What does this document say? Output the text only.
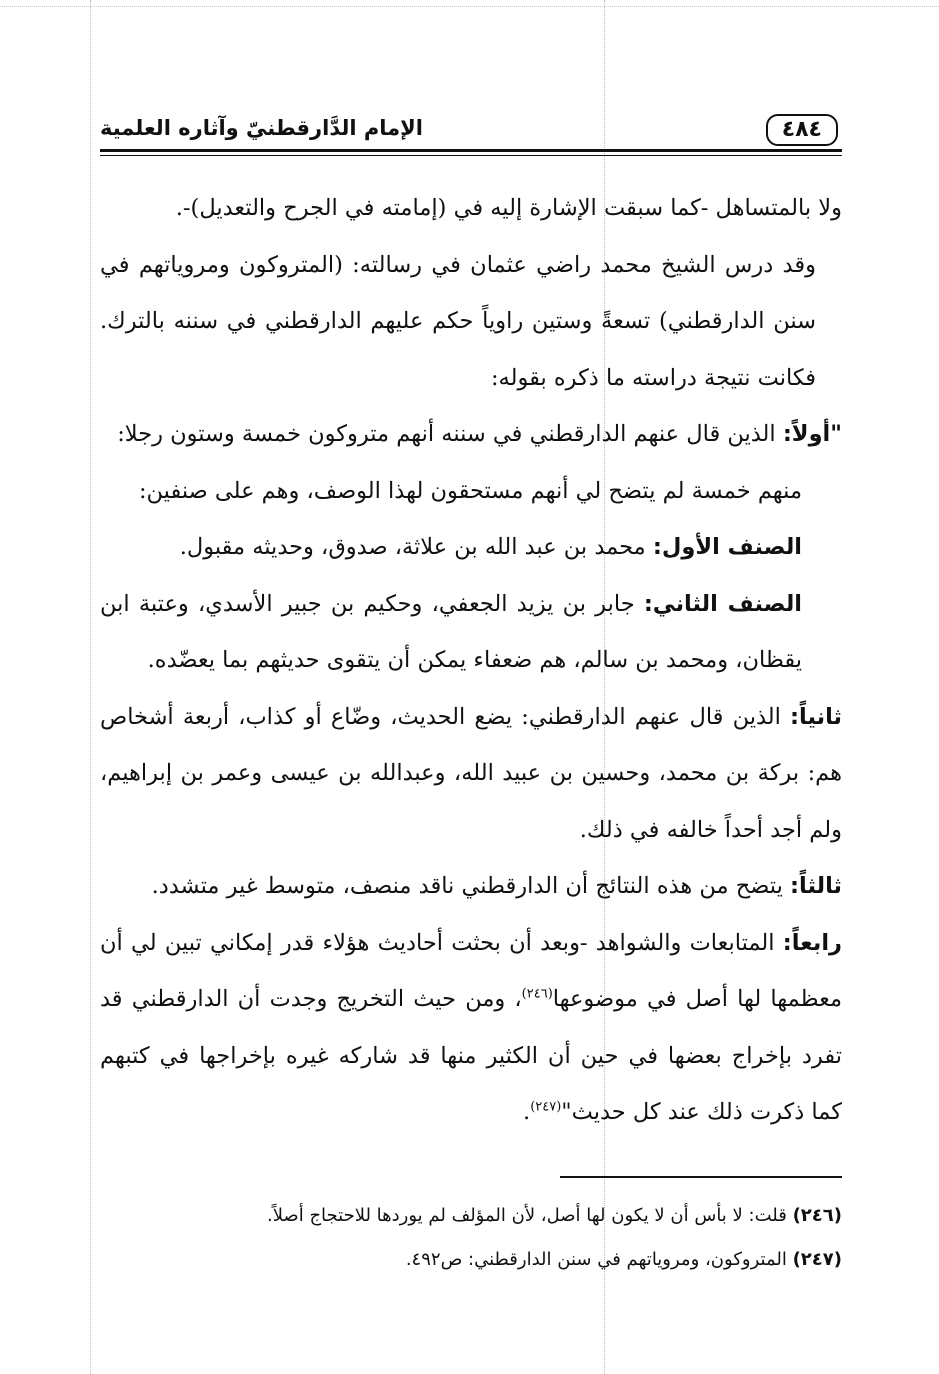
٤٨٤
الإمام الدَّارقطنيّ وآثاره العلمية

ولا بالمتساهل -كما سبقت الإشارة إليه في (إمامته في الجرح والتعديل)-.

وقد درس الشيخ محمد راضي عثمان في رسالته: (المتروكون ومروياتهم في سنن الدارقطني) تسعةً وستين راوياً حكم عليهم الدارقطني في سننه بالترك. فكانت نتيجة دراسته ما ذكره بقوله:

"أولاً: الذين قال عنهم الدارقطني في سننه أنهم متروكون خمسة وستون رجلا:

منهم خمسة لم يتضح لي أنهم مستحقون لهذا الوصف، وهم على صنفين:

الصنف الأول: محمد بن عبد الله بن علاثة، صدوق، وحديثه مقبول.

الصنف الثاني: جابر بن يزيد الجعفي، وحكيم بن جبير الأسدي، وعتبة ابن يقظان، ومحمد بن سالم، هم ضعفاء يمكن أن يتقوى حديثهم بما يعضّده.

ثانياً: الذين قال عنهم الدارقطني: يضع الحديث، وضّاع أو كذاب، أربعة أشخاص هم: بركة بن محمد، وحسين بن عبيد الله، وعبدالله بن عيسى وعمر بن إبراهيم، ولم أجد أحداً خالفه في ذلك.

ثالثاً: يتضح من هذه النتائج أن الدارقطني ناقد منصف، متوسط غير متشدد.

رابعاً: المتابعات والشواهد -وبعد أن بحثت أحاديث هؤلاء قدر إمكاني تبين لي أن معظمها لها أصل في موضوعها$^{(٢٤٦)}$، ومن حيث التخريج وجدت أن الدارقطني قد تفرد بإخراج بعضها في حين أن الكثير منها قد شاركه غيره بإخراجها في كتبهم كما ذكرت ذلك عند كل حديث"$^{(٢٤٧)}$.

(٢٤٦) قلت: لا بأس أن لا يكون لها أصل، لأن المؤلف لم يوردها للاحتجاج أصلاً.

(٢٤٧) المتروكون، ومروياتهم في سنن الدارقطني: ص٤٩٢.
